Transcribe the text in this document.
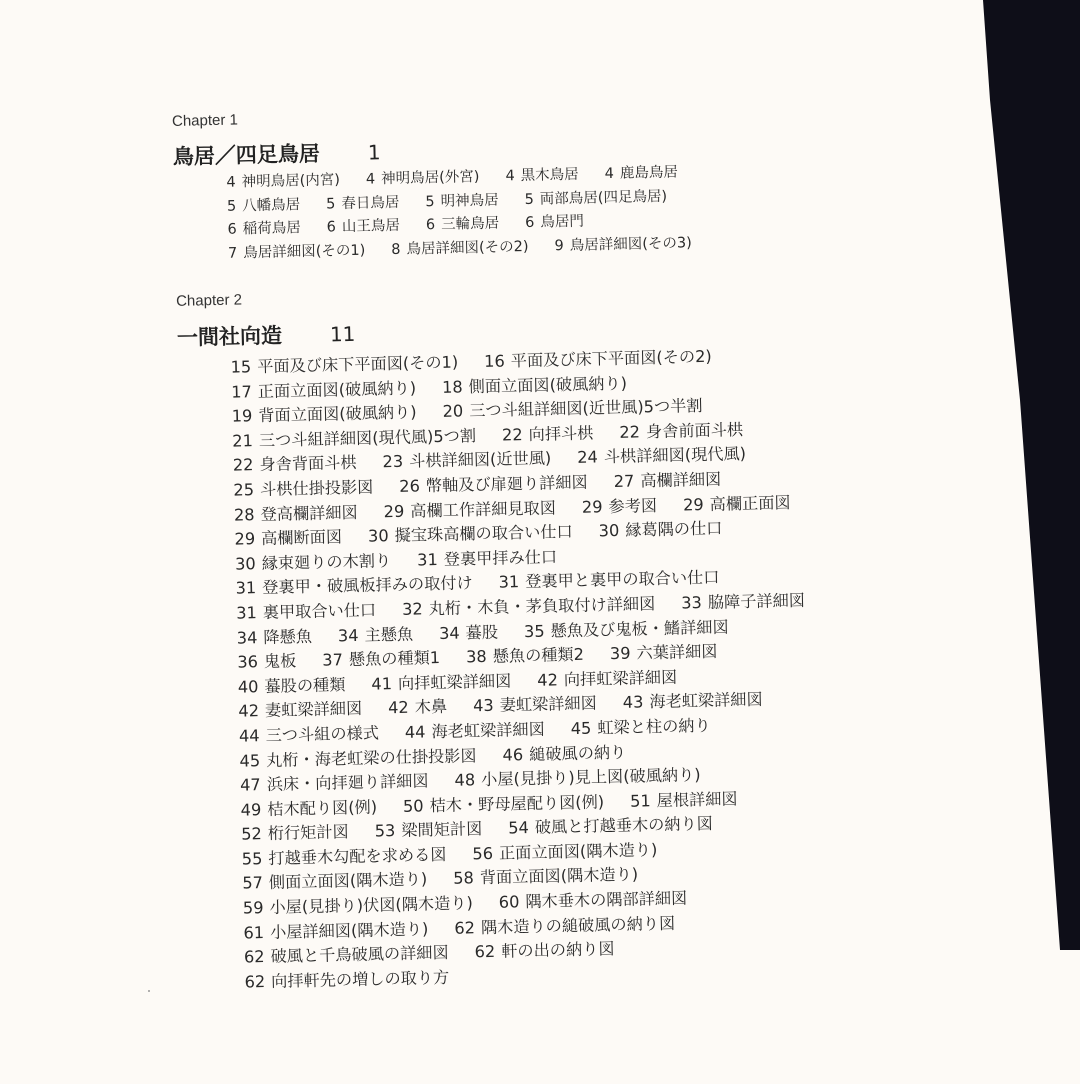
Chapter 1
鳥居／四足鳥居 1
4 神明鳥居(内宮) 4 神明鳥居(外宮) 4 黒木鳥居 4 鹿島鳥居
5 八幡鳥居 5 春日鳥居 5 明神鳥居 5 両部鳥居(四足鳥居)
6 稲荷鳥居 6 山王鳥居 6 三輪鳥居 6 鳥居門
7 鳥居詳細図(その1) 8 鳥居詳細図(その2) 9 鳥居詳細図(その3)
Chapter 2
一間社向造 11
15 平面及び床下平面図(その1) 16 平面及び床下平面図(その2)
17 正面立面図(破風納り) 18 側面立面図(破風納り)
19 背面立面図(破風納り) 20 三つ斗組詳細図(近世風)5つ半割
21 三つ斗組詳細図(現代風)5つ割 22 向拝斗栱 22 身舎前面斗栱
22 身舎背面斗栱 23 斗栱詳細図(近世風) 24 斗栱詳細図(現代風)
25 斗栱仕掛投影図 26 幣軸及び扉廻り詳細図 27 高欄詳細図
28 登高欄詳細図 29 高欄工作詳細見取図 29 参考図 29 高欄正面図
29 高欄断面図 30 擬宝珠高欄の取合い仕口 30 縁葛隅の仕口
30 縁束廻りの木割り 31 登裏甲拝み仕口
31 登裏甲・破風板拝みの取付け 31 登裏甲と裏甲の取合い仕口
31 裏甲取合い仕口 32 丸桁・木負・茅負取付け詳細図 33 脇障子詳細図
34 降懸魚 34 主懸魚 34 蟇股 35 懸魚及び鬼板・鰭詳細図
36 鬼板 37 懸魚の種類1 38 懸魚の種類2 39 六葉詳細図
40 蟇股の種類 41 向拝虹梁詳細図 42 向拝虹梁詳細図
42 妻虹梁詳細図 42 木鼻 43 妻虹梁詳細図 43 海老虹梁詳細図
44 三つ斗組の様式 44 海老虹梁詳細図 45 虹梁と柱の納り
45 丸桁・海老虹梁の仕掛投影図 46 縋破風の納り
47 浜床・向拝廻り詳細図 48 小屋(見掛り)見上図(破風納り)
49 桔木配り図(例) 50 桔木・野母屋配り図(例) 51 屋根詳細図
52 桁行矩計図 53 梁間矩計図 54 破風と打越垂木の納り図
55 打越垂木勾配を求める図 56 正面立面図(隅木造り)
57 側面立面図(隅木造り) 58 背面立面図(隅木造り)
59 小屋(見掛り)伏図(隅木造り) 60 隅木垂木の隅部詳細図
61 小屋詳細図(隅木造り) 62 隅木造りの縋破風の納り図
62 破風と千鳥破風の詳細図 62 軒の出の納り図
62 向拝軒先の増しの取り方
